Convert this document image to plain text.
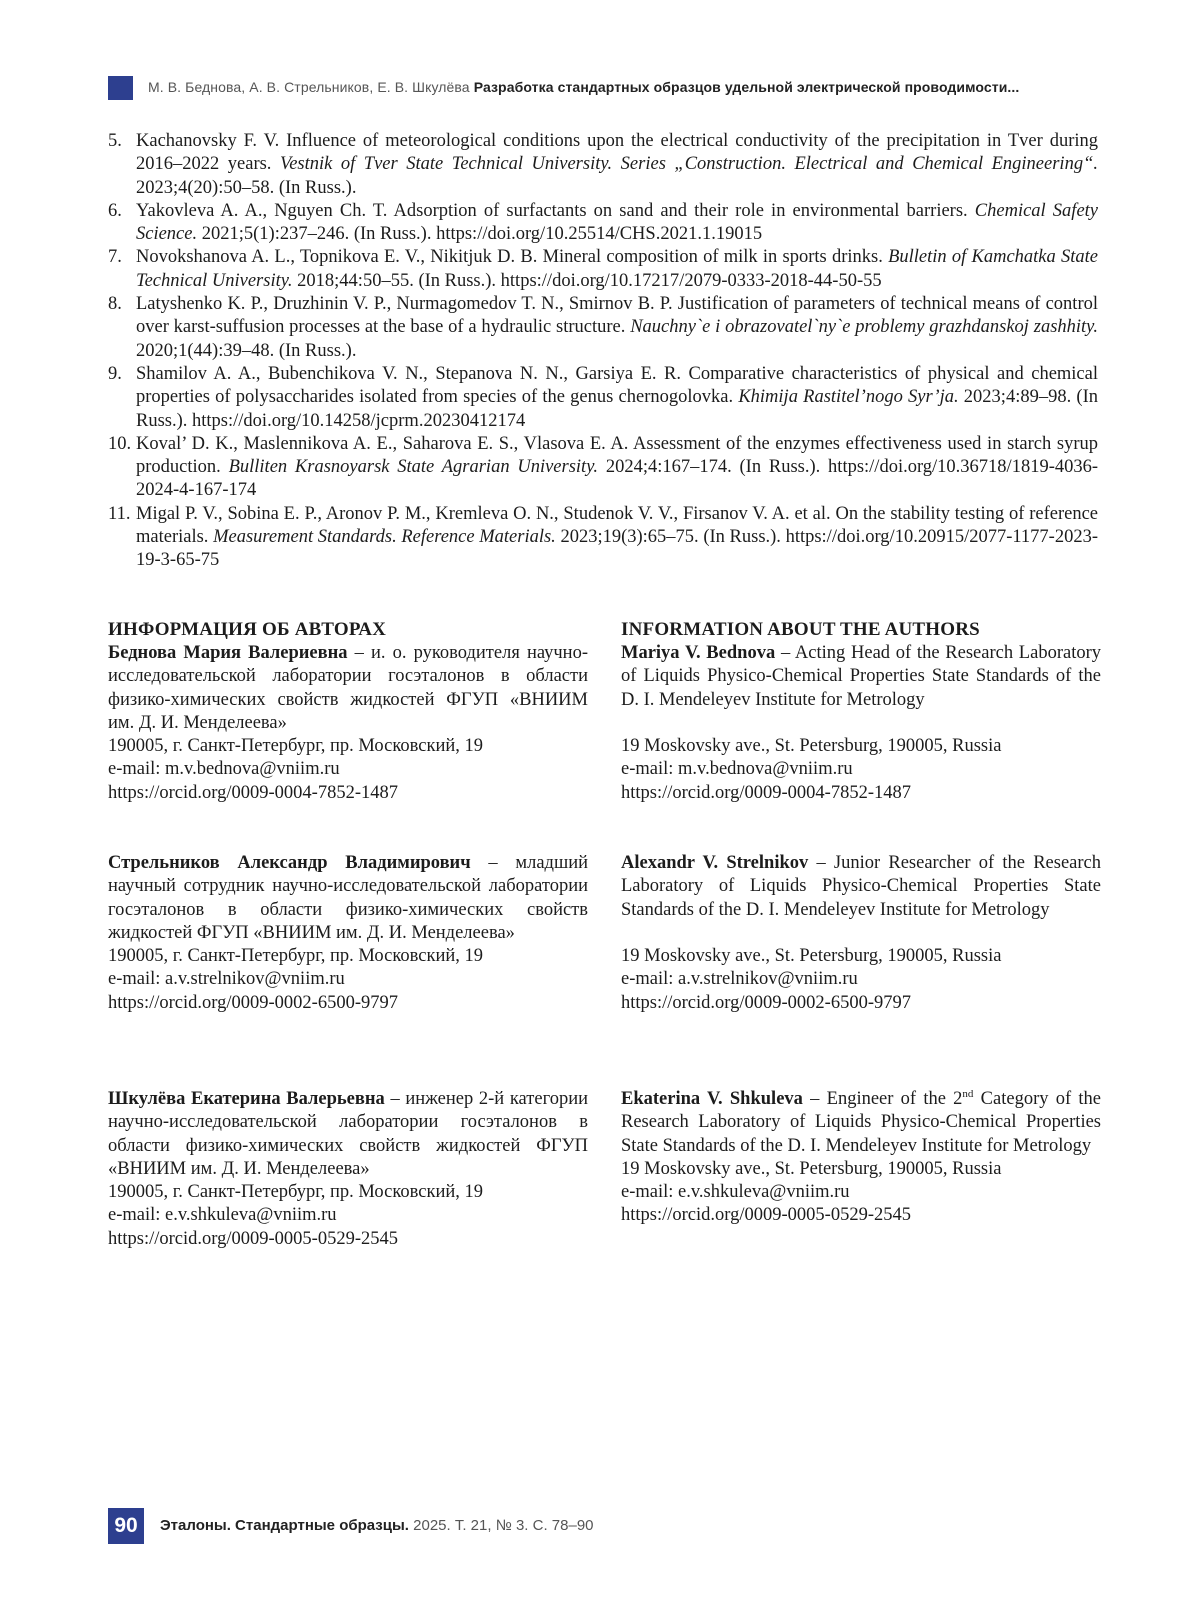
М. В. Беднова, А. В. Стрельников, Е. В. Шкулёва Разработка стандартных образцов удельной электрической проводимости...
5. Kachanovsky F. V. Influence of meteorological conditions upon the electrical conductivity of the precipitation in Tver during 2016–2022 years. Vestnik of Tver State Technical University. Series „Construction. Electrical and Chemical Engineering“. 2023;4(20):50–58. (In Russ.).
6. Yakovleva A. A., Nguyen Ch. T. Adsorption of surfactants on sand and their role in environmental barriers. Chemical Safety Science. 2021;5(1):237–246. (In Russ.). https://doi.org/10.25514/CHS.2021.1.19015
7. Novokshanova A. L., Topnikova E. V., Nikitjuk D. B. Mineral composition of milk in sports drinks. Bulletin of Kamchatka State Technical University. 2018;44:50–55. (In Russ.). https://doi.org/10.17217/2079-0333-2018-44-50-55
8. Latyshenko K. P., Druzhinin V. P., Nurmagomedov T. N., Smirnov B. P. Justification of parameters of technical means of control over karst-suffusion processes at the base of a hydraulic structure. Nauchny`e i obrazovatel`ny`e problemy grazhdanskoj zashhity. 2020;1(44):39–48. (In Russ.).
9. Shamilov A. A., Bubenchikova V. N., Stepanova N. N., Garsiya E. R. Comparative characteristics of physical and chemical properties of polysaccharides isolated from species of the genus chernogolovka. Khimija Rastitel’nogo Syr’ja. 2023;4:89–98. (In Russ.). https://doi.org/10.14258/jcprm.20230412174
10. Koval’ D. K., Maslennikova A. E., Saharova E. S., Vlasova E. A. Assessment of the enzymes effectiveness used in starch syrup production. Bulliten Krasnoyarsk State Agrarian University. 2024;4:167–174. (In Russ.). https://doi.org/10.36718/1819-4036-2024-4-167-174
11. Migal P. V., Sobina E. P., Aronov P. M., Kremleva O. N., Studenok V. V., Firsanov V. A. et al. On the stability testing of reference materials. Measurement Standards. Reference Materials. 2023;19(3):65–75. (In Russ.). https://doi.org/10.20915/2077-1177-2023-19-3-65-75
ИНФОРМАЦИЯ ОБ АВТОРАХ
Беднова Мария Валериевна – и. о. руководителя научно-исследовательской лаборатории госэталонов в области физико-химических свойств жидкостей ФГУП «ВНИИМ им. Д. И. Менделеева»
190005, г. Санкт-Петербург, пр. Московский, 19
e-mail: m.v.bednova@vniim.ru
https://orcid.org/0009-0004-7852-1487
Стрельников Александр Владимирович – младший научный сотрудник научно-исследовательской лаборатории госэталонов в области физико-химических свойств жидкостей ФГУП «ВНИИМ им. Д. И. Менделеева»
190005, г. Санкт-Петербург, пр. Московский, 19
e-mail: a.v.strelnikov@vniim.ru
https://orcid.org/0009-0002-6500-9797
Шкулёва Екатерина Валерьевна – инженер 2-й категории научно-исследовательской лаборатории госэталонов в области физико-химических свойств жидкостей ФГУП «ВНИИМ им. Д. И. Менделеева»
190005, г. Санкт-Петербург, пр. Московский, 19
e-mail: e.v.shkuleva@vniim.ru
https://orcid.org/0009-0005-0529-2545
INFORMATION ABOUT THE AUTHORS
Mariya V. Bednova – Acting Head of the Research Laboratory of Liquids Physico-Chemical Properties State Standards of the D. I. Mendeleyev Institute for Metrology
19 Moskovsky ave., St. Petersburg, 190005, Russia
e-mail: m.v.bednova@vniim.ru
https://orcid.org/0009-0004-7852-1487
Alexandr V. Strelnikov – Junior Researcher of the Research Laboratory of Liquids Physico-Chemical Properties State Standards of the D. I. Mendeleyev Institute for Metrology
19 Moskovsky ave., St. Petersburg, 190005, Russia
e-mail: a.v.strelnikov@vniim.ru
https://orcid.org/0009-0002-6500-9797
Ekaterina V. Shkuleva – Engineer of the 2nd Category of the Research Laboratory of Liquids Physico-Chemical Properties State Standards of the D. I. Mendeleyev Institute for Metrology
19 Moskovsky ave., St. Petersburg, 190005, Russia
e-mail: e.v.shkuleva@vniim.ru
https://orcid.org/0009-0005-0529-2545
90	Эталоны. Стандартные образцы. 2025. Т. 21, № 3. С. 78–90
